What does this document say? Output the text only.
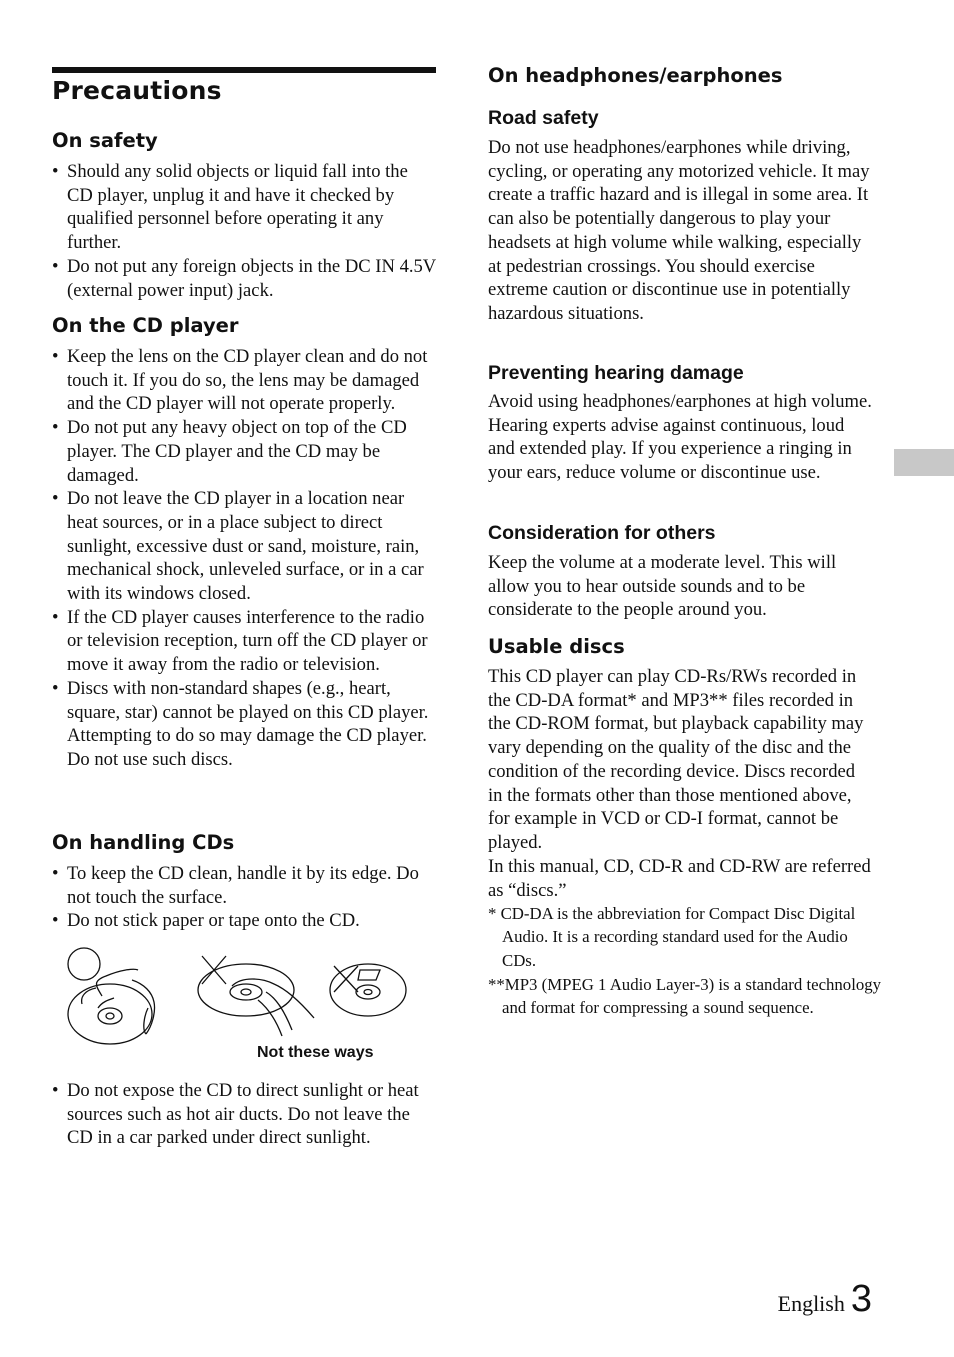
Precautions
On safety
• Should any solid objects or liquid fall into the CD player, unplug it and have it checked by qualified personnel before operating it any further.
• Do not put any foreign objects in the DC IN 4.5V (external power input) jack.
On the CD player
• Keep the lens on the CD player clean and do not touch it. If you do so, the lens may be damaged and the CD player will not operate properly.
• Do not put any heavy object on top of the CD player. The CD player and the CD may be damaged.
• Do not leave the CD player in a location near heat sources, or in a place subject to direct sunlight, excessive dust or sand, moisture, rain, mechanical shock, unleveled surface, or in a car with its windows closed.
• If the CD player causes interference to the radio or television reception, turn off the CD player or move it away from the radio or television.
• Discs with non-standard shapes (e.g., heart, square, star) cannot be played on this CD player. Attempting to do so may damage the CD player. Do not use such discs.
On handling CDs
• To keep the CD clean, handle it by its edge. Do not touch the surface.
• Do not stick paper or tape onto the CD.

Not these ways

• Do not expose the CD to direct sunlight or heat sources such as hot air ducts. Do not leave the CD in a car parked under direct sunlight.
On headphones/earphones
Road safety

Do not use headphones/earphones while driving, cycling, or operating any motorized vehicle. It may create a traffic hazard and is illegal in some area. It can also be potentially dangerous to play your headsets at high volume while walking, especially at pedestrian crossings. You should exercise extreme caution or discontinue use in potentially hazardous situations.

Preventing hearing damage

Avoid using headphones/earphones at high volume. Hearing experts advise against continuous, loud and extended play. If you experience a ringing in your ears, reduce volume or discontinue use.

Consideration for others

Keep the volume at a moderate level. This will allow you to hear outside sounds and to be considerate to the people around you.

Usable discs

This CD player can play CD-Rs/RWs recorded in the CD-DA format* and MP3** files recorded in the CD-ROM format, but playback capability may vary depending on the quality of the disc and the condition of the recording device. Discs recorded in the formats other than those mentioned above, for example in VCD or CD-I format, cannot be played.

In this manual, CD, CD-R and CD-RW are referred as “discs.”

* CD-DA is the abbreviation for Compact Disc Digital Audio. It is a recording standard used for the Audio CDs.

**MP3 (MPEG 1 Audio Layer-3) is a standard technology and format for compressing a sound sequence.

English 3
